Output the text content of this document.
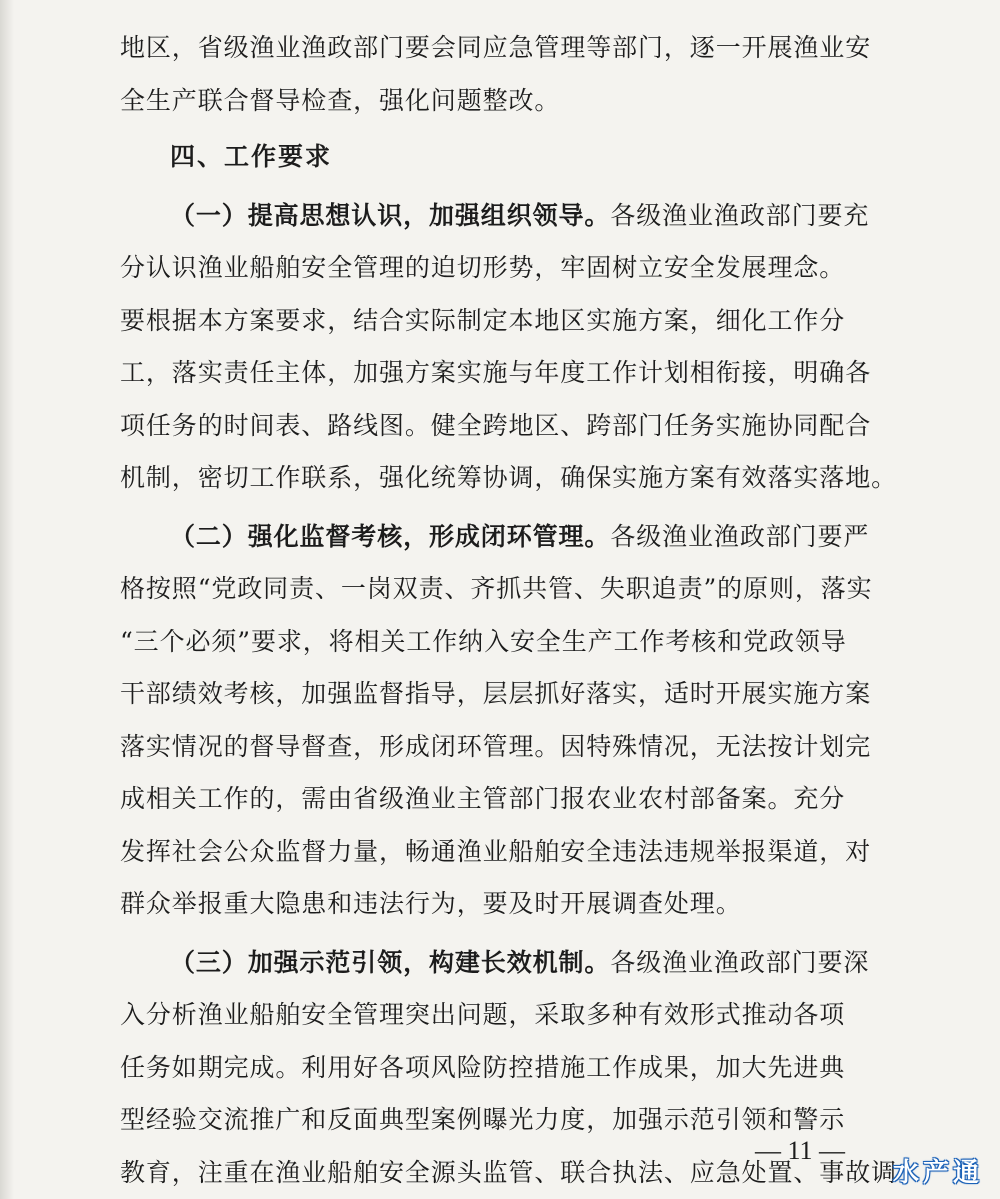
地区，省级渔业渔政部门要会同应急管理等部门，逐一开展渔业安
全生产联合督导检查，强化问题整改。
四、工作要求
（一）提高思想认识，加强组织领导。各级渔业渔政部门要充
分认识渔业船舶安全管理的迫切形势，牢固树立安全发展理念。
要根据本方案要求，结合实际制定本地区实施方案，细化工作分
工，落实责任主体，加强方案实施与年度工作计划相衔接，明确各
项任务的时间表、路线图。健全跨地区、跨部门任务实施协同配合
机制，密切工作联系，强化统筹协调，确保实施方案有效落实落地。
（二）强化监督考核，形成闭环管理。各级渔业渔政部门要严
格按照“党政同责、一岗双责、齐抓共管、失职追责”的原则，落实
“三个必须”要求，将相关工作纳入安全生产工作考核和党政领导
干部绩效考核，加强监督指导，层层抓好落实，适时开展实施方案
落实情况的督导督查，形成闭环管理。因特殊情况，无法按计划完
成相关工作的，需由省级渔业主管部门报农业农村部备案。充分
发挥社会公众监督力量，畅通渔业船舶安全违法违规举报渠道，对
群众举报重大隐患和违法行为，要及时开展调查处理。
（三）加强示范引领，构建长效机制。各级渔业渔政部门要深
入分析渔业船舶安全管理突出问题，采取多种有效形式推动各项
任务如期完成。利用好各项风险防控措施工作成果，加大先进典
型经验交流推广和反面典型案例曝光力度，加强示范引领和警示
教育，注重在渔业船舶安全源头监管、联合执法、应急处置、事故调
— 11 —
水产通
